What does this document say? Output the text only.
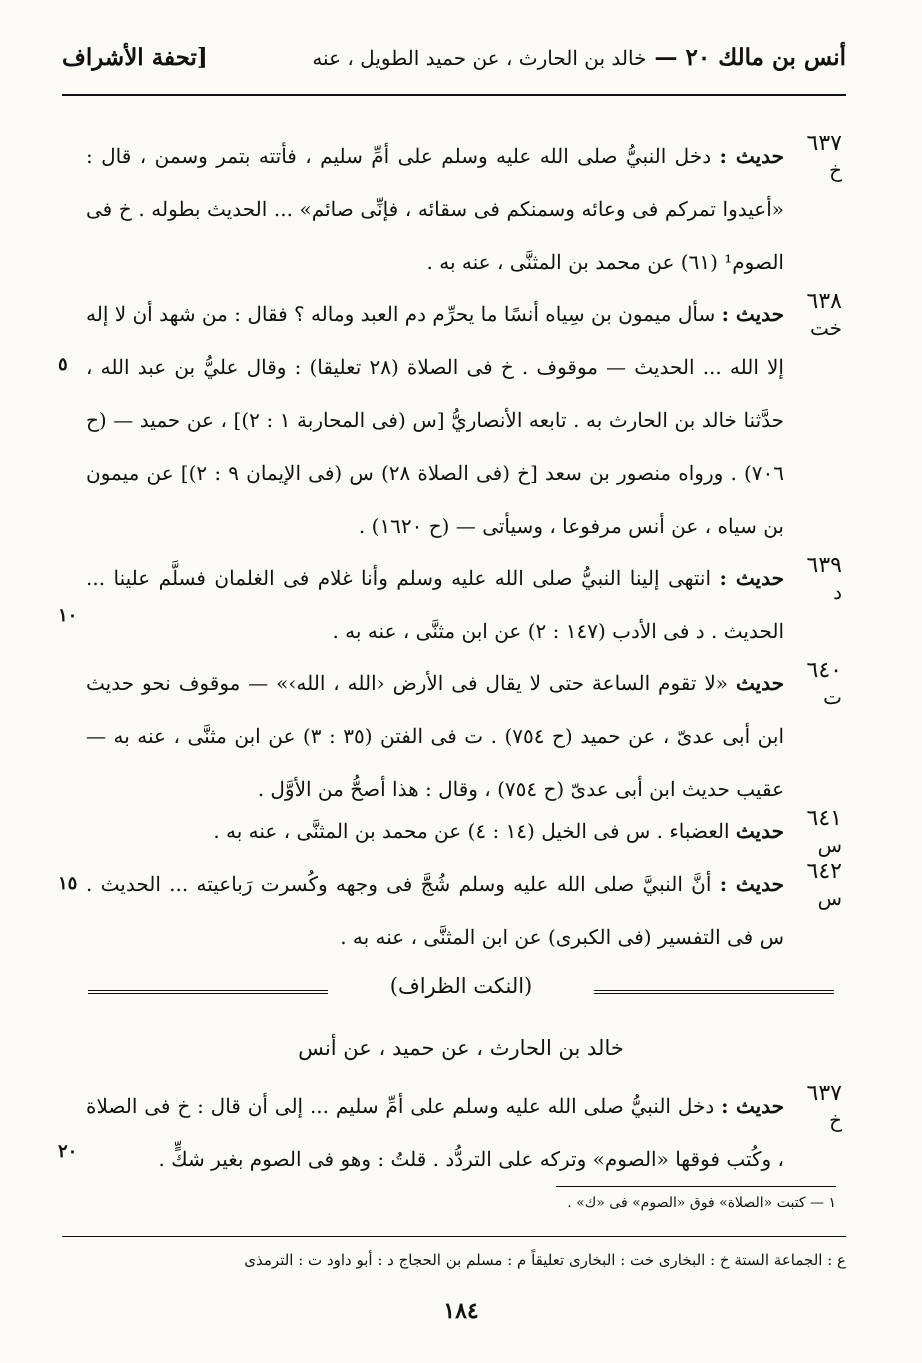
أنس بن مالك ٢٠ — خالد بن الحارث ، عن حميد الطويل ، عنه
[تحفة الأشراف
٦٣٧
خ
حديث : دخل النبيُّ صلى الله عليه وسلم على أمِّ سليم ، فأتته بتمر وسمن ، قال : «أعيدوا تمركم فى وعائه وسمنكم فى سقائه ، فإنِّى صائم» ... الحديث بطوله . خ فى الصوم¹ (٦١) عن محمد بن المثنَّى ، عنه به .
٦٣٨
خت
حديث : سأل ميمون بن سِياه أنسًا ما يحرِّم دم العبد وماله ؟ فقال : من شهد أن لا إله إلا الله ... الحديث — موقوف . خ فى الصلاة (٢٨ تعليقا) : وقال عليُّ بن عبد الله ، حدَّثنا خالد بن الحارث به . تابعه الأنصاريُّ [س (فى المحاربة ١ : ٢)] ، عن حميد — (ح ٧٠٦) . ورواه منصور بن سعد [خ (فى الصلاة ٢٨) س (فى الإيمان ٩ : ٢)] عن ميمون بن سياه ، عن أنس مرفوعا ، وسيأتى — (ح ١٦٢٠) .
٦٣٩
د
حديث : انتهى إلينا النبيُّ صلى الله عليه وسلم وأنا غلام فى الغلمان فسلَّم علينا ... الحديث . د فى الأدب (١٤٧ : ٢) عن ابن مثنَّى ، عنه به .
٦٤٠
ت
حديث «لا تقوم الساعة حتى لا يقال فى الأرض ‹الله ، الله›» — موقوف نحو حديث ابن أبى عدىّ ، عن حميد (ح ٧٥٤) . ت فى الفتن (٣٥ : ٣) عن ابن مثنَّى ، عنه به — عقيب حديث ابن أبى عدىّ (ح ٧٥٤) ، وقال : هذا أصحُّ من الأوَّل .
٦٤١
س
حديث العضباء . س فى الخيل (١٤ : ٤) عن محمد بن المثنَّى ، عنه به .
٦٤٢
س
حديث : أنَّ النبيَّ صلى الله عليه وسلم شُجَّ فى وجهه وكُسرت رَباعيته ... الحديث . س فى التفسير (فى الكبرى) عن ابن المثنَّى ، عنه به .
٥
١٠
١٥
٢٠
(النكت الظراف)
خالد بن الحارث ، عن حميد ، عن أنس
٦٣٧
خ
حديث : دخل النبيُّ صلى الله عليه وسلم على أمِّ سليم ... إلى أن قال : خ فى الصلاة ، وكُتب فوقها «الصوم» وتركه على التردُّد . قلتُ : وهو فى الصوم بغير شكٍّ .
١ — كتبت «الصلاة» فوق «الصوم» فى «ك» .
ع : الجماعة الستة خ : البخارى خت : البخارى تعليقاً م : مسلم بن الحجاج د : أبو داود ت : الترمذى
١٨٤
